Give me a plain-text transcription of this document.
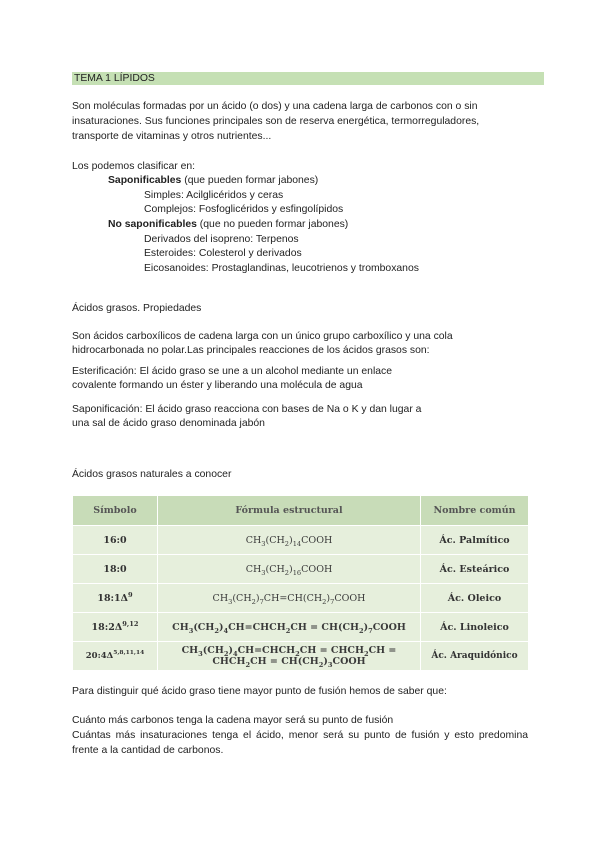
TEMA 1 LÍPIDOS
Son moléculas formadas por un ácido (o dos) y una cadena larga de carbonos con o sin
insaturaciones. Sus funciones principales son de reserva energética, termorreguladores,
transporte de vitaminas y otros nutrientes...
Los podemos clasificar en:
Saponificables (que pueden formar jabones)
Simples: Acilglicéridos y ceras
Complejos: Fosfoglicéridos y esfingolípidos
No saponificables (que no pueden formar jabones)
Derivados del isopreno: Terpenos
Esteroides: Colesterol y derivados
Eicosanoides: Prostaglandinas, leucotrienos y tromboxanos
Ácidos grasos. Propiedades
Son ácidos carboxílicos de cadena larga con un único grupo carboxílico y una cola
hidrocarbonada no polar.Las principales reacciones de los ácidos grasos son:
Esterificación: El ácido graso se une a un alcohol mediante un enlace
covalente formando un éster y liberando una molécula de agua
Saponificación: El ácido graso reacciona con bases de Na o K y dan lugar a
una sal de ácido graso denominada jabón
Ácidos grasos naturales a conocer
Símbolo	Fórmula estructural	Nombre común
16:0	$CH_3(CH_2)_{14}COOH$	Ác. Palmítico
18:0	$CH_3(CH_2)_{16}COOH$	Ác. Esteárico
$18:1\Delta^9$	$CH_3(CH_2)_7CH=CH(CH_2)_7COOH$	Ác. Oleico
$18:2\Delta^{9,12}$	$CH_3(CH_2)_4CH=CHCH_2CH$ = $CH(CH_2)_7COOH$	Ác. Linoleico
$20:4\Delta^{5,8,11,14}$	$CH_3(CH_2)_4CH=CHCH_2CH$ = $CHCH_2CH$ = $CHCH_2CH$ = $CH(CH_2)_3COOH$	Ác. Araquidónico
Para distinguir qué ácido graso tiene mayor punto de fusión hemos de saber que:
Cuánto más carbonos tenga la cadena mayor será su punto de fusión
Cuántas más insaturaciones tenga el ácido, menor será su punto de fusión y esto predomina frente a la cantidad de carbonos.
